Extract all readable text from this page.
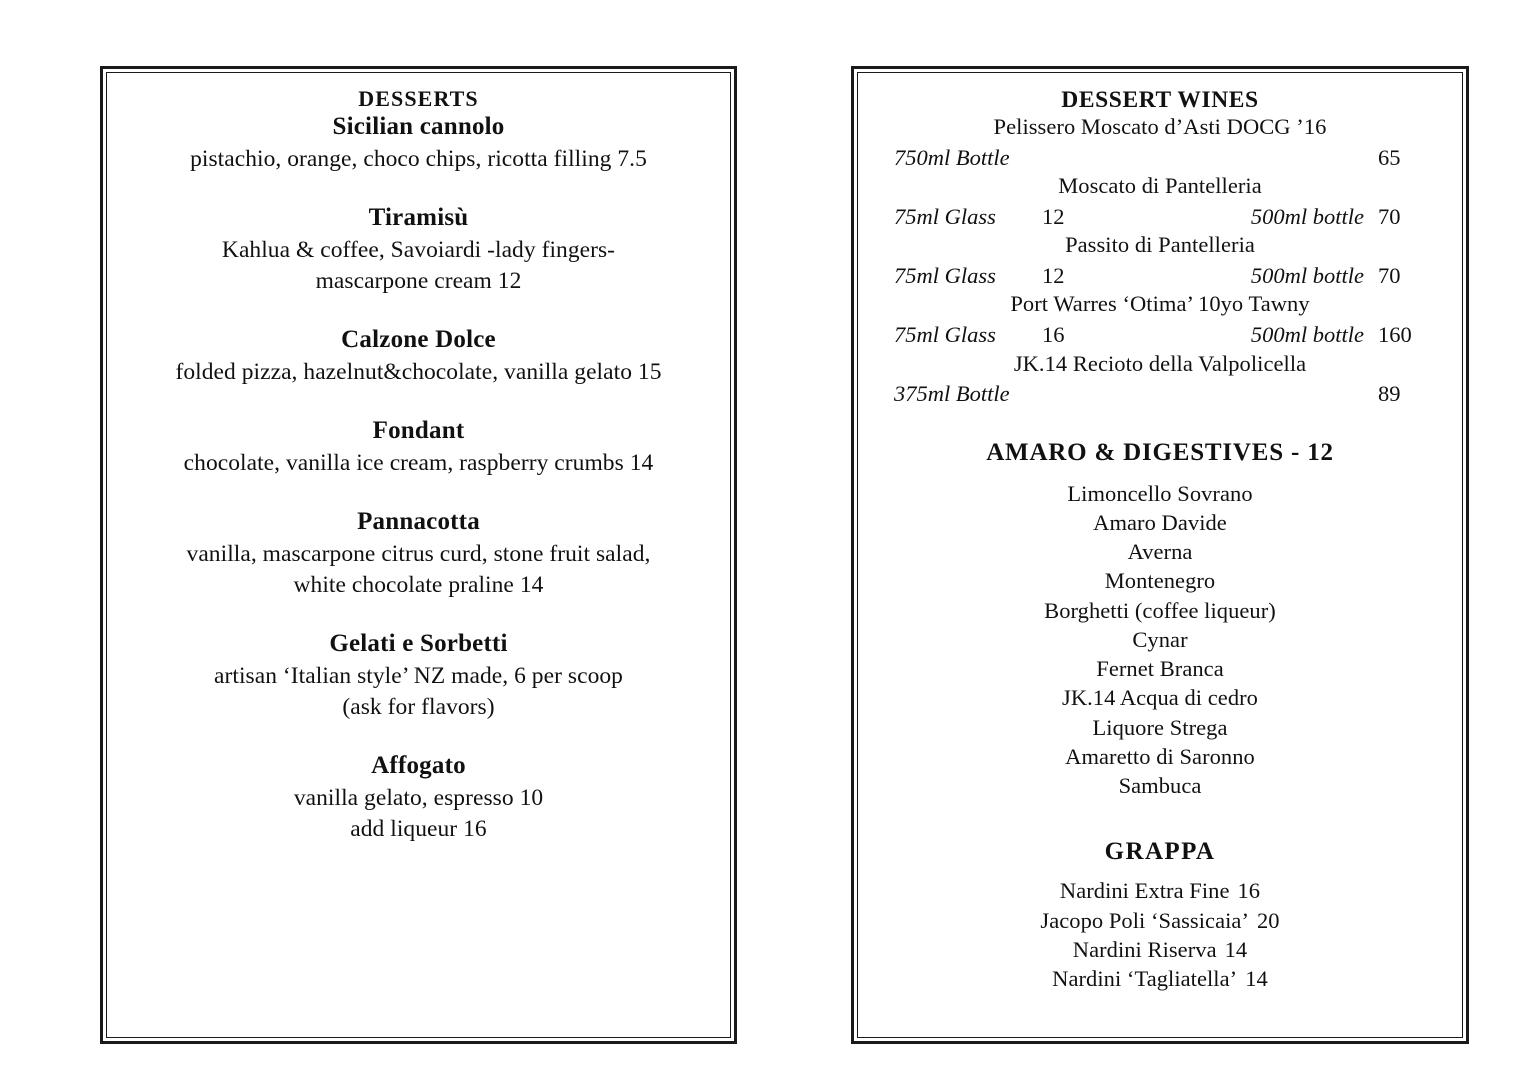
DESSERTS
Sicilian cannolo
pistachio, orange, choco chips, ricotta filling 7.5
Tiramisù
Kahlua & coffee, Savoiardi -lady fingers-
mascarpone cream 12
Calzone Dolce
folded pizza, hazelnut&chocolate, vanilla gelato 15
Fondant
chocolate, vanilla ice cream, raspberry crumbs 14
Pannacotta
vanilla, mascarpone citrus curd, stone fruit salad,
white chocolate praline 14
Gelati e Sorbetti
artisan ‘Italian style’ NZ made, 6 per scoop
(ask for flavors)
Affogato
vanilla gelato, espresso 10
add liqueur 16
DESSERT WINES
Pelissero Moscato d’Asti DOCG ’16
750ml Bottle	65
Moscato di Pantelleria
75ml Glass	12	500ml bottle 70
Passito di Pantelleria
75ml Glass	12	500ml bottle 70
Port Warres ‘Otima’ 10yo Tawny
75ml Glass	16	500ml bottle 160
JK.14 Recioto della Valpolicella
375ml Bottle	89
AMARO & DIGESTIVES - 12
Limoncello Sovrano
Amaro Davide
Averna
Montenegro
Borghetti (coffee liqueur)
Cynar
Fernet Branca
JK.14 Acqua di cedro
Liquore Strega
Amaretto di Saronno
Sambuca
GRAPPA
Nardini Extra Fine 16
Jacopo Poli ‘Sassicaia’ 20
Nardini Riserva 14
Nardini ‘Tagliatella’ 14
